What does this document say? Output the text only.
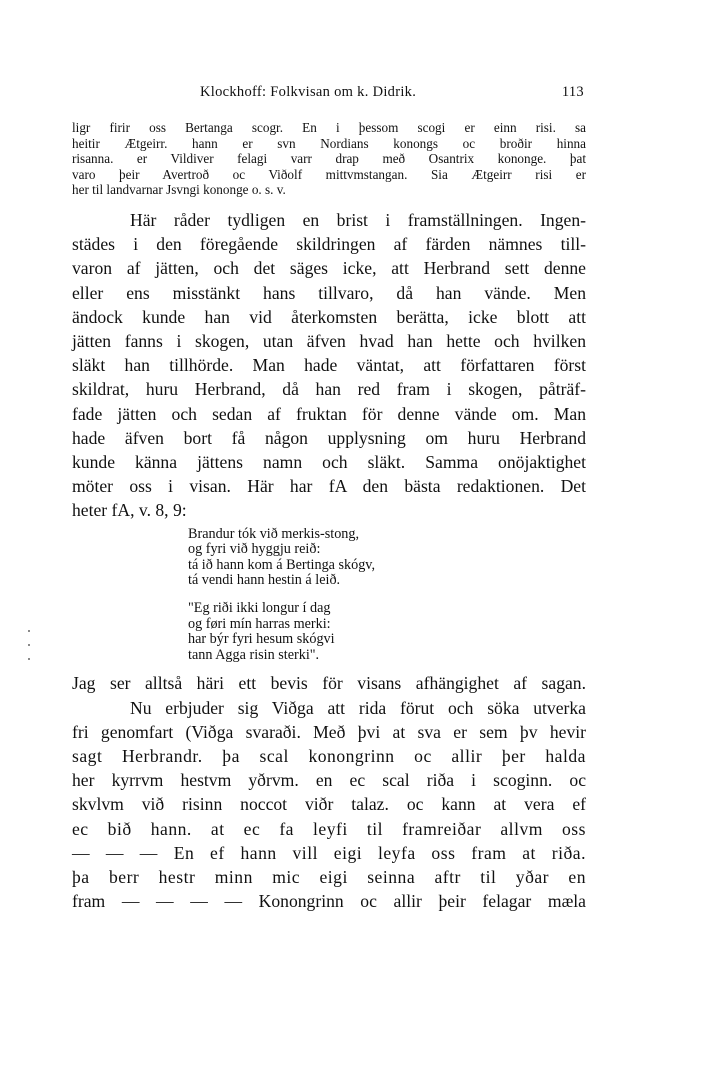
Klockhoff: Folkvisan om k. Didrik.	113
ligr firir oss Bertanga scogr. En i þessom scogi er einn risi. sa
heitir Ætgeirr. hann er svn Nordians konongs oc broðir hinna
risanna. er Vildiver felagi varr drap með Osantrix kononge. þat
varo þeir Avertroð oc Viðolf mittvmstangan. Sia Ætgeirr risi er
her til landvarnar Jsvngi kononge o. s. v.
Här råder tydligen en brist i framställningen. Ingen-
städes i den föregående skildringen af färden nämnes till-
varon af jätten, och det säges icke, att Herbrand sett denne
eller ens misstänkt hans tillvaro, då han vände. Men
ändock kunde han vid återkomsten berätta, icke blott att
jätten fanns i skogen, utan äfven hvad han hette och hvilken
släkt han tillhörde. Man hade väntat, att författaren först
skildrat, huru Herbrand, då han red fram i skogen, påträf-
fade jätten och sedan af fruktan för denne vände om. Man
hade äfven bort få någon upplysning om huru Herbrand
kunde känna jättens namn och släkt. Samma onöjaktighet
möter oss i visan. Här har fA den bästa redaktionen. Det
heter fA, v. 8, 9:
Brandur tók við merkis-stong,
og fyri við hyggju reið:
tá ið hann kom á Bertinga skógv,
tá vendi hann hestin á leið.
"Eg riði ikki longur í dag
og føri mín harras merki:
har býr fyri hesum skógvi
tann Agga risin sterki".
Jag ser alltså häri ett bevis för visans afhängighet af sagan.
Nu erbjuder sig Viðga att rida förut och söka utverka
fri genomfart (Viðga svaraði. Með þvi at sva er sem þv hevir
sagt Herbrandr. þa scal konongrinn oc allir þer halda
her kyrrvm hestvm yðrvm. en ec scal riða i scoginn. oc
skvlvm við risinn noccot viðr talaz. oc kann at vera ef
ec bið hann. at ec fa leyfi til framreiðar allvm oss
— — — En ef hann vill eigi leyfa oss fram at riða.
þa berr hestr minn mic eigi seinna aftr til yðar en
fram — — — — Konongrinn oc allir þeir felagar mæla
